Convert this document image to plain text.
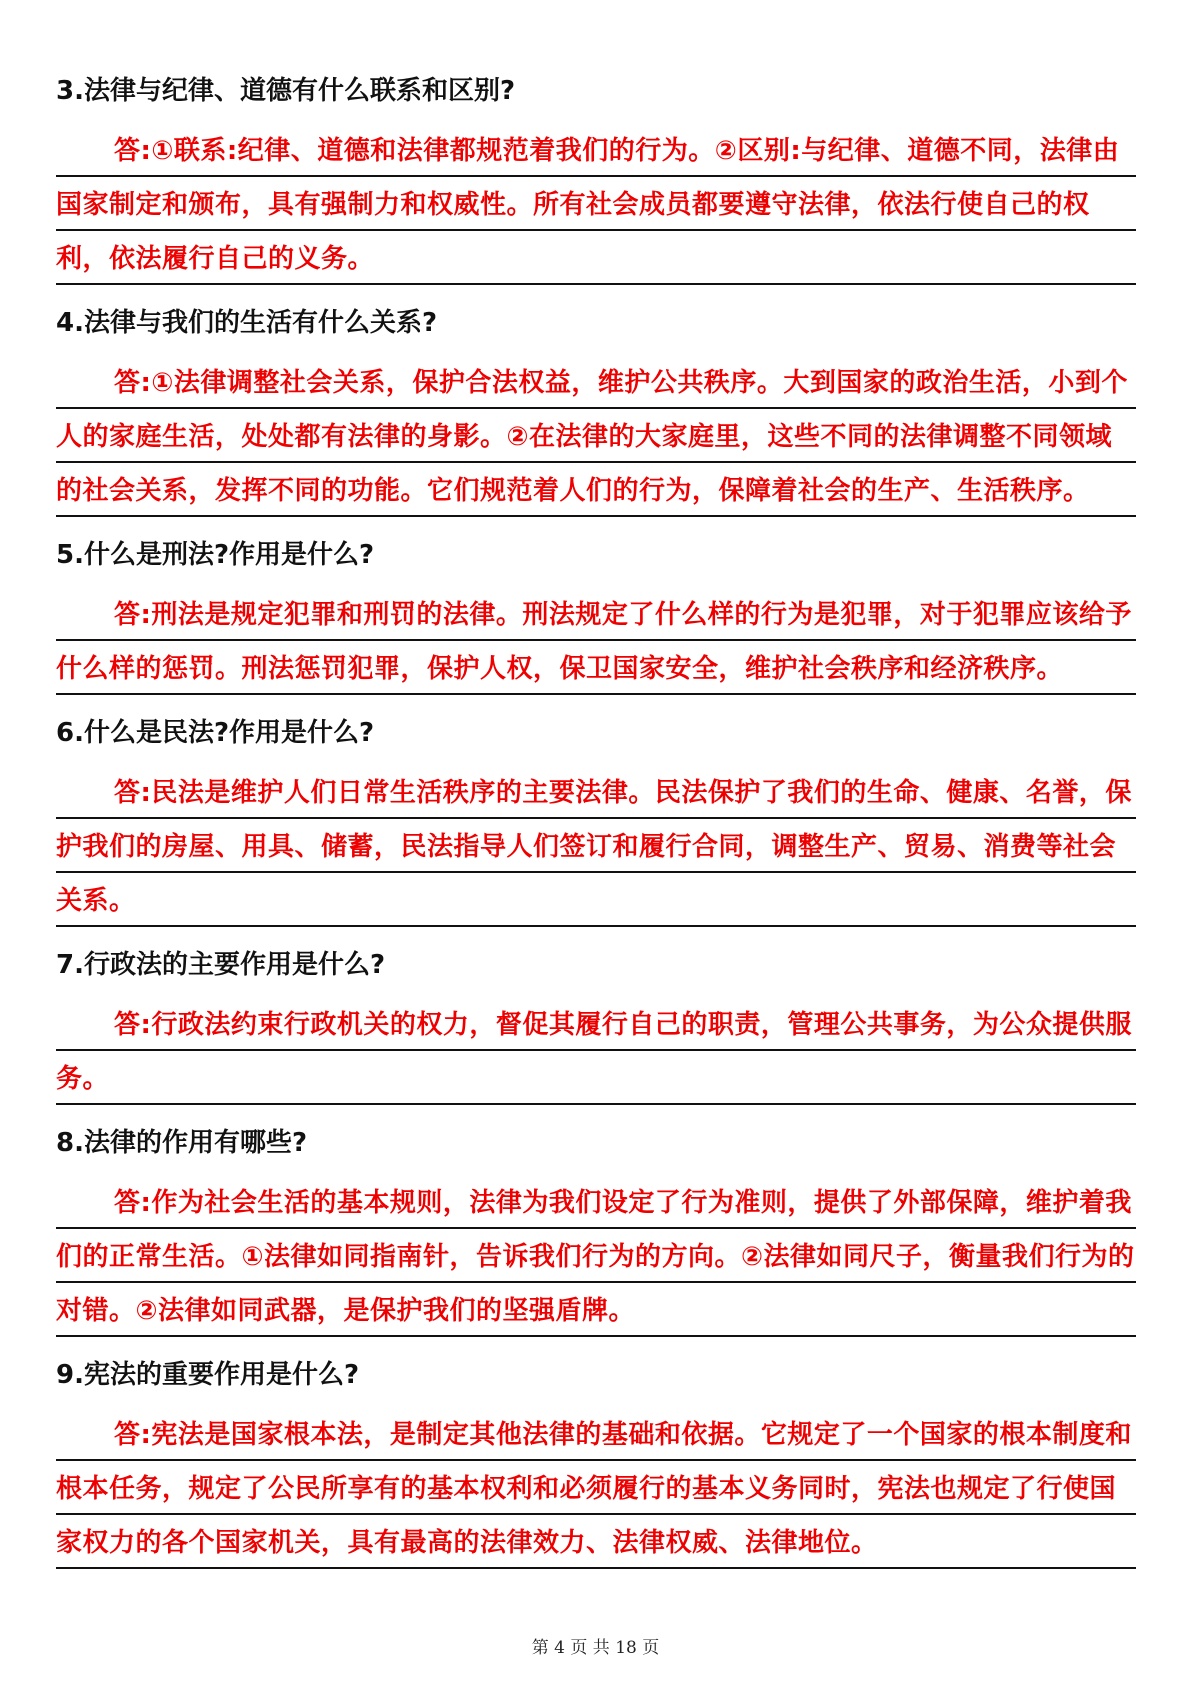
3.法律与纪律、道德有什么联系和区别?
答:①联系:纪律、道德和法律都规范着我们的行为。②区别:与纪律、道德不同，法律由国家制定和颁布，具有强制力和权威性。所有社会成员都要遵守法律，依法行使自己的权利，依法履行自己的义务。
4.法律与我们的生活有什么关系?
答:①法律调整社会关系，保护合法权益，维护公共秩序。大到国家的政治生活，小到个人的家庭生活，处处都有法律的身影。②在法律的大家庭里，这些不同的法律调整不同领域的社会关系，发挥不同的功能。它们规范着人们的行为，保障着社会的生产、生活秩序。
5.什么是刑法?作用是什么?
答:刑法是规定犯罪和刑罚的法律。刑法规定了什么样的行为是犯罪，对于犯罪应该给予什么样的惩罚。刑法惩罚犯罪，保护人权，保卫国家安全，维护社会秩序和经济秩序。
6.什么是民法?作用是什么?
答:民法是维护人们日常生活秩序的主要法律。民法保护了我们的生命、健康、名誉，保护我们的房屋、用具、储蓄，民法指导人们签订和履行合同，调整生产、贸易、消费等社会关系。
7.行政法的主要作用是什么?
答:行政法约束行政机关的权力，督促其履行自己的职责，管理公共事务，为公众提供服务。
8.法律的作用有哪些?
答:作为社会生活的基本规则，法律为我们设定了行为准则，提供了外部保障，维护着我们的正常生活。①法律如同指南针，告诉我们行为的方向。②法律如同尺子，衡量我们行为的对错。②法律如同武器，是保护我们的坚强盾牌。
9.宪法的重要作用是什么?
答:宪法是国家根本法，是制定其他法律的基础和依据。它规定了一个国家的根本制度和根本任务，规定了公民所享有的基本权利和必须履行的基本义务同时，宪法也规定了行使国家权力的各个国家机关，具有最高的法律效力、法律权威、法律地位。
第 4 页 共 18 页
